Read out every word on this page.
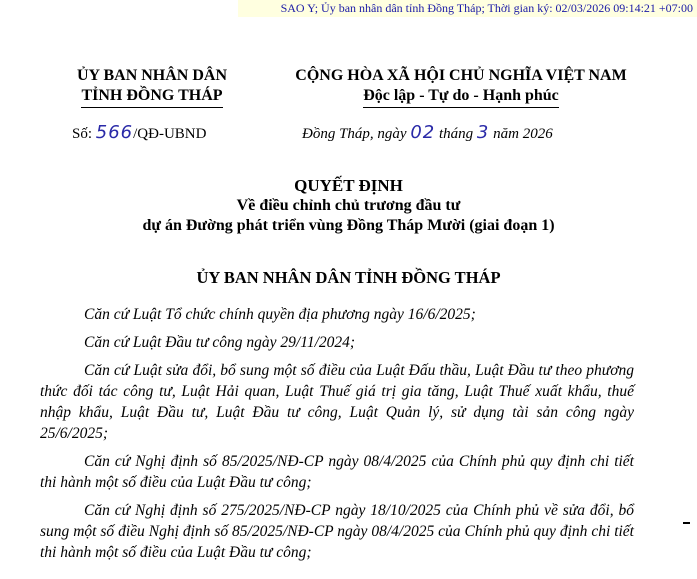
SAO Y; Ủy ban nhân dân tỉnh Đồng Tháp; Thời gian ký: 02/03/2026 09:14:21 +07:00
ỦY BAN NHÂN DÂN
TỈNH ĐỒNG THÁP
CỘNG HÒA XÃ HỘI CHỦ NGHĨA VIỆT NAM
Độc lập - Tự do - Hạnh phúc
Số: 566/QĐ-UBND	Đồng Tháp, ngày 02 tháng 3 năm 2026
QUYẾT ĐỊNH
Về điều chỉnh chủ trương đầu tư
dự án Đường phát triển vùng Đồng Tháp Mười (giai đoạn 1)
ỦY BAN NHÂN DÂN TỈNH ĐỒNG THÁP

Căn cứ Luật Tổ chức chính quyền địa phương ngày 16/6/2025;

Căn cứ Luật Đầu tư công ngày 29/11/2024;

Căn cứ Luật sửa đổi, bổ sung một số điều của Luật Đấu thầu, Luật Đầu tư theo phương thức đối tác công tư, Luật Hải quan, Luật Thuế giá trị gia tăng, Luật Thuế xuất khẩu, thuế nhập khẩu, Luật Đầu tư, Luật Đầu tư công, Luật Quản lý, sử dụng tài sản công ngày 25/6/2025;

Căn cứ Nghị định số 85/2025/NĐ-CP ngày 08/4/2025 của Chính phủ quy định chi tiết thi hành một số điều của Luật Đầu tư công;

Căn cứ Nghị định số 275/2025/NĐ-CP ngày 18/10/2025 của Chính phủ về sửa đổi, bổ sung một số điều Nghị định số 85/2025/NĐ-CP ngày 08/4/2025 của Chính phủ quy định chi tiết thi hành một số điều của Luật Đầu tư công;
